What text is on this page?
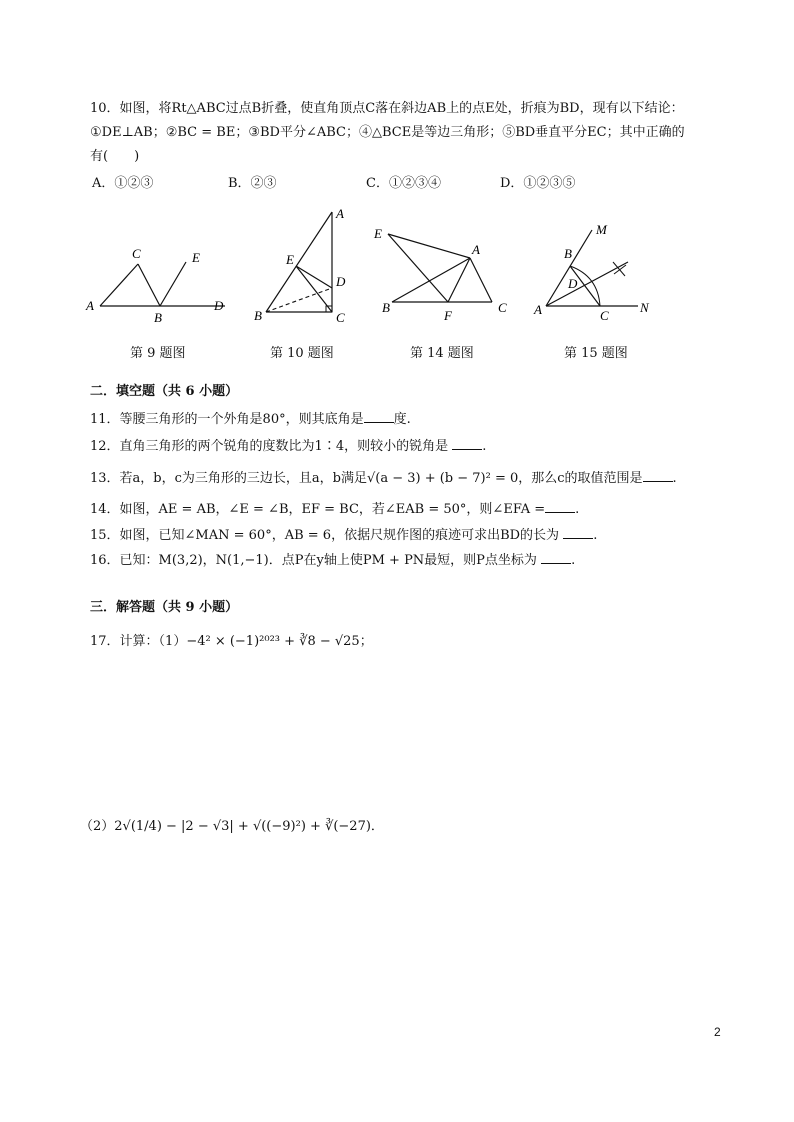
10．如图，将Rt△ABC过点B折叠，使直角顶点C落在斜边AB上的点E处，折痕为BD，现有以下结论：
①DE⊥AB；②BC = BE；③BD平分∠ABC；④△BCE是等边三角形；⑤BD垂直平分EC；其中正确的
有(　　)
A．①②③	B．②③	C．①②③④	D．①②③⑤
C	E
A
B
D
第 9 题图
A
E
D
B	C
第 10 题图
E
A
B
F
C
第 14 题图
M
B
D
A	C
N
第 15 题图
二．填空题（共 6 小题）
11．等腰三角形的一个外角是80°，则其底角是 度.
12．直角三角形的两个锐角的度数比为1∶4，则较小的锐角是	.
13．若a，b，c为三角形的三边长，且a，b满足√(a − 3) + (b − 7)² = 0，那么c的取值范围是 .
14．如图，AE = AB，∠E = ∠B，EF = BC，若∠EAB = 50°，则∠EFA = .
15．如图，已知∠MAN = 60°，AB = 6，依据尺规作图的痕迹可求出BD的长为	.
16．已知：M(3,2)，N(1,−1)．点P在y轴上使PM + PN最短，则P点坐标为	.
三．解答题（共 9 小题）
17．计算：（1）−4² × (−1)²⁰²³ + ∛8 − √25；
（2）2√(1/4) − |2 − √3| + √((−9)²) + ∛(−27)．
2
